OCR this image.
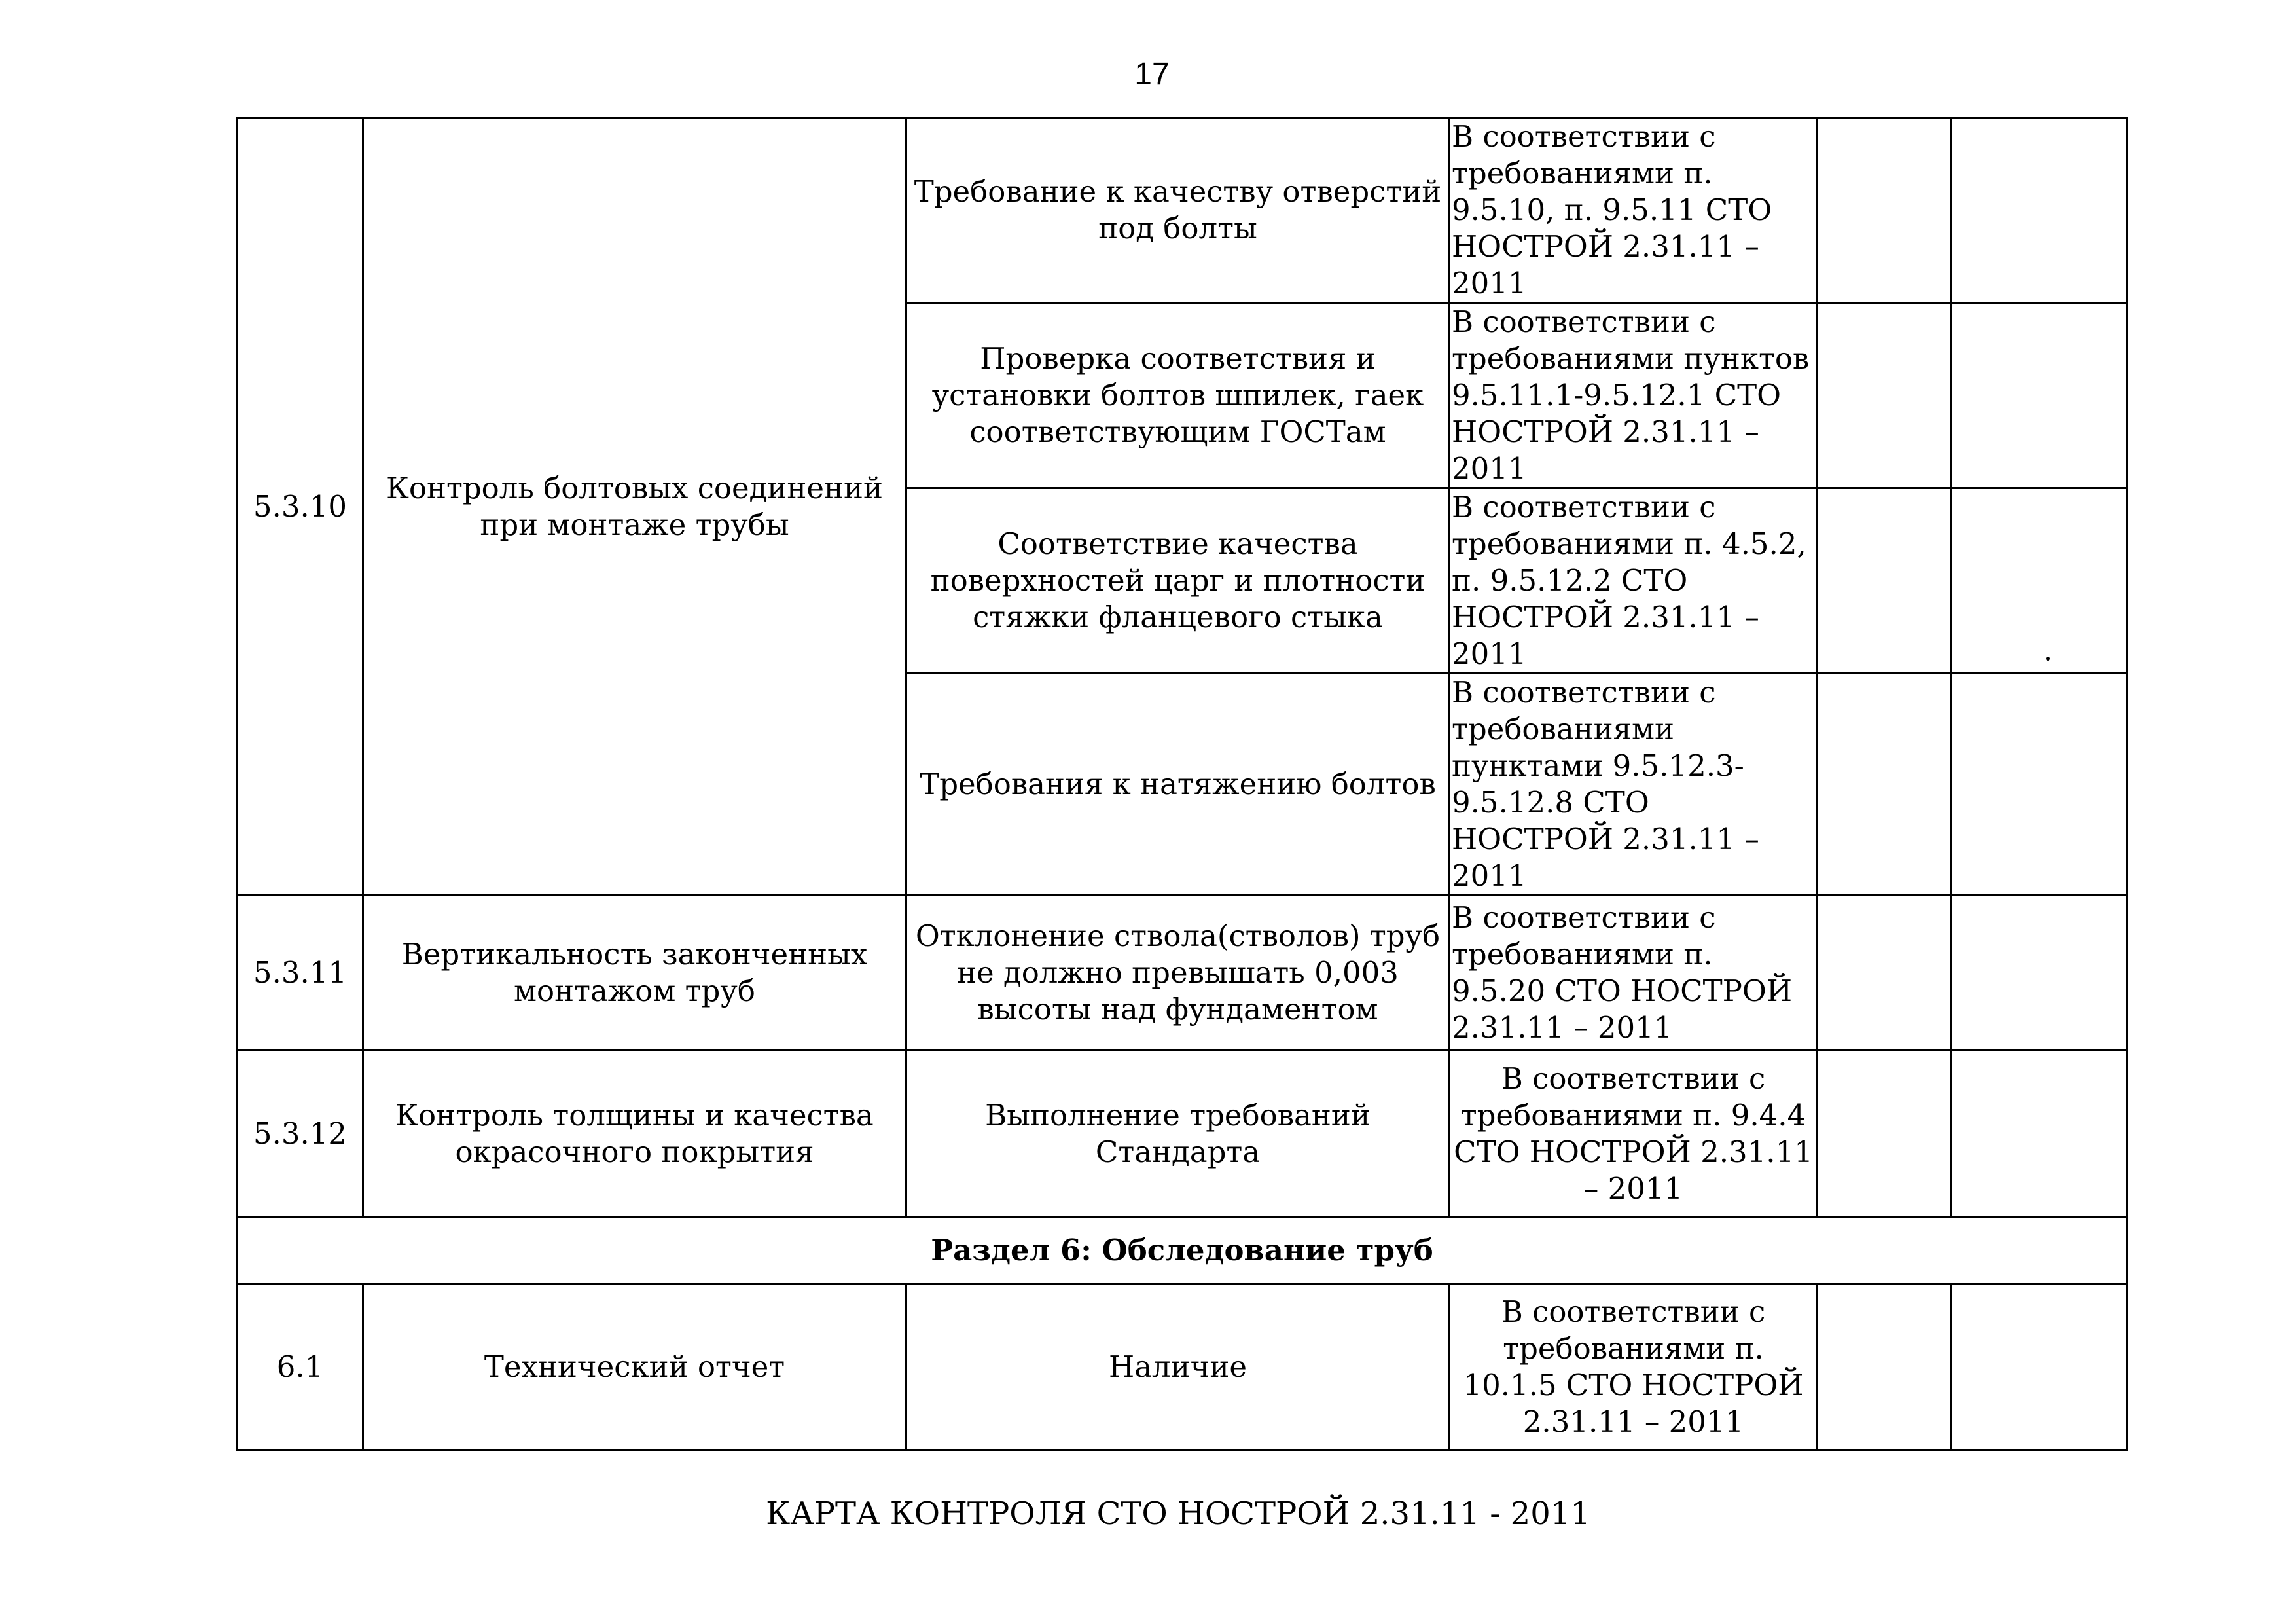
17
5.3.10	Контроль болтовых соединений при монтаже трубы	Требование к качеству отверстий под болты	В соответствии с требованиями п. 9.5.10, п. 9.5.11 СТО НОСТРОЙ 2.31.11 – 2011		
		Проверка соответствия и установки болтов шпилек, гаек соответствующим ГОСТам	В соответствии с требованиями пунктов 9.5.11.1-9.5.12.1 СТО НОСТРОЙ 2.31.11 – 2011		
		Соответствие качества поверхностей царг и плотности стяжки фланцевого стыка	В соответствии с требованиями п. 4.5.2, п. 9.5.12.2 СТО НОСТРОЙ 2.31.11 – 2011		
		Требования к натяжению болтов	В соответствии с требованиями пунктами 9.5.12.3-9.5.12.8 СТО НОСТРОЙ 2.31.11 – 2011		
5.3.11	Вертикальность законченных монтажом труб	Отклонение ствола(стволов) труб не должно превышать 0,003 высоты над фундаментом	В соответствии с требованиями п. 9.5.20 СТО НОСТРОЙ 2.31.11 – 2011		
5.3.12	Контроль толщины и качества окрасочного покрытия	Выполнение требований Стандарта	В соответствии с требованиями п. 9.4.4 СТО НОСТРОЙ 2.31.11 – 2011		
Раздел 6: Обследование труб					
6.1	Технический отчет	Наличие	В соответствии с требованиями п. 10.1.5 СТО НОСТРОЙ 2.31.11 – 2011		
КАРТА КОНТРОЛЯ СТО НОСТРОЙ 2.31.11 - 2011
